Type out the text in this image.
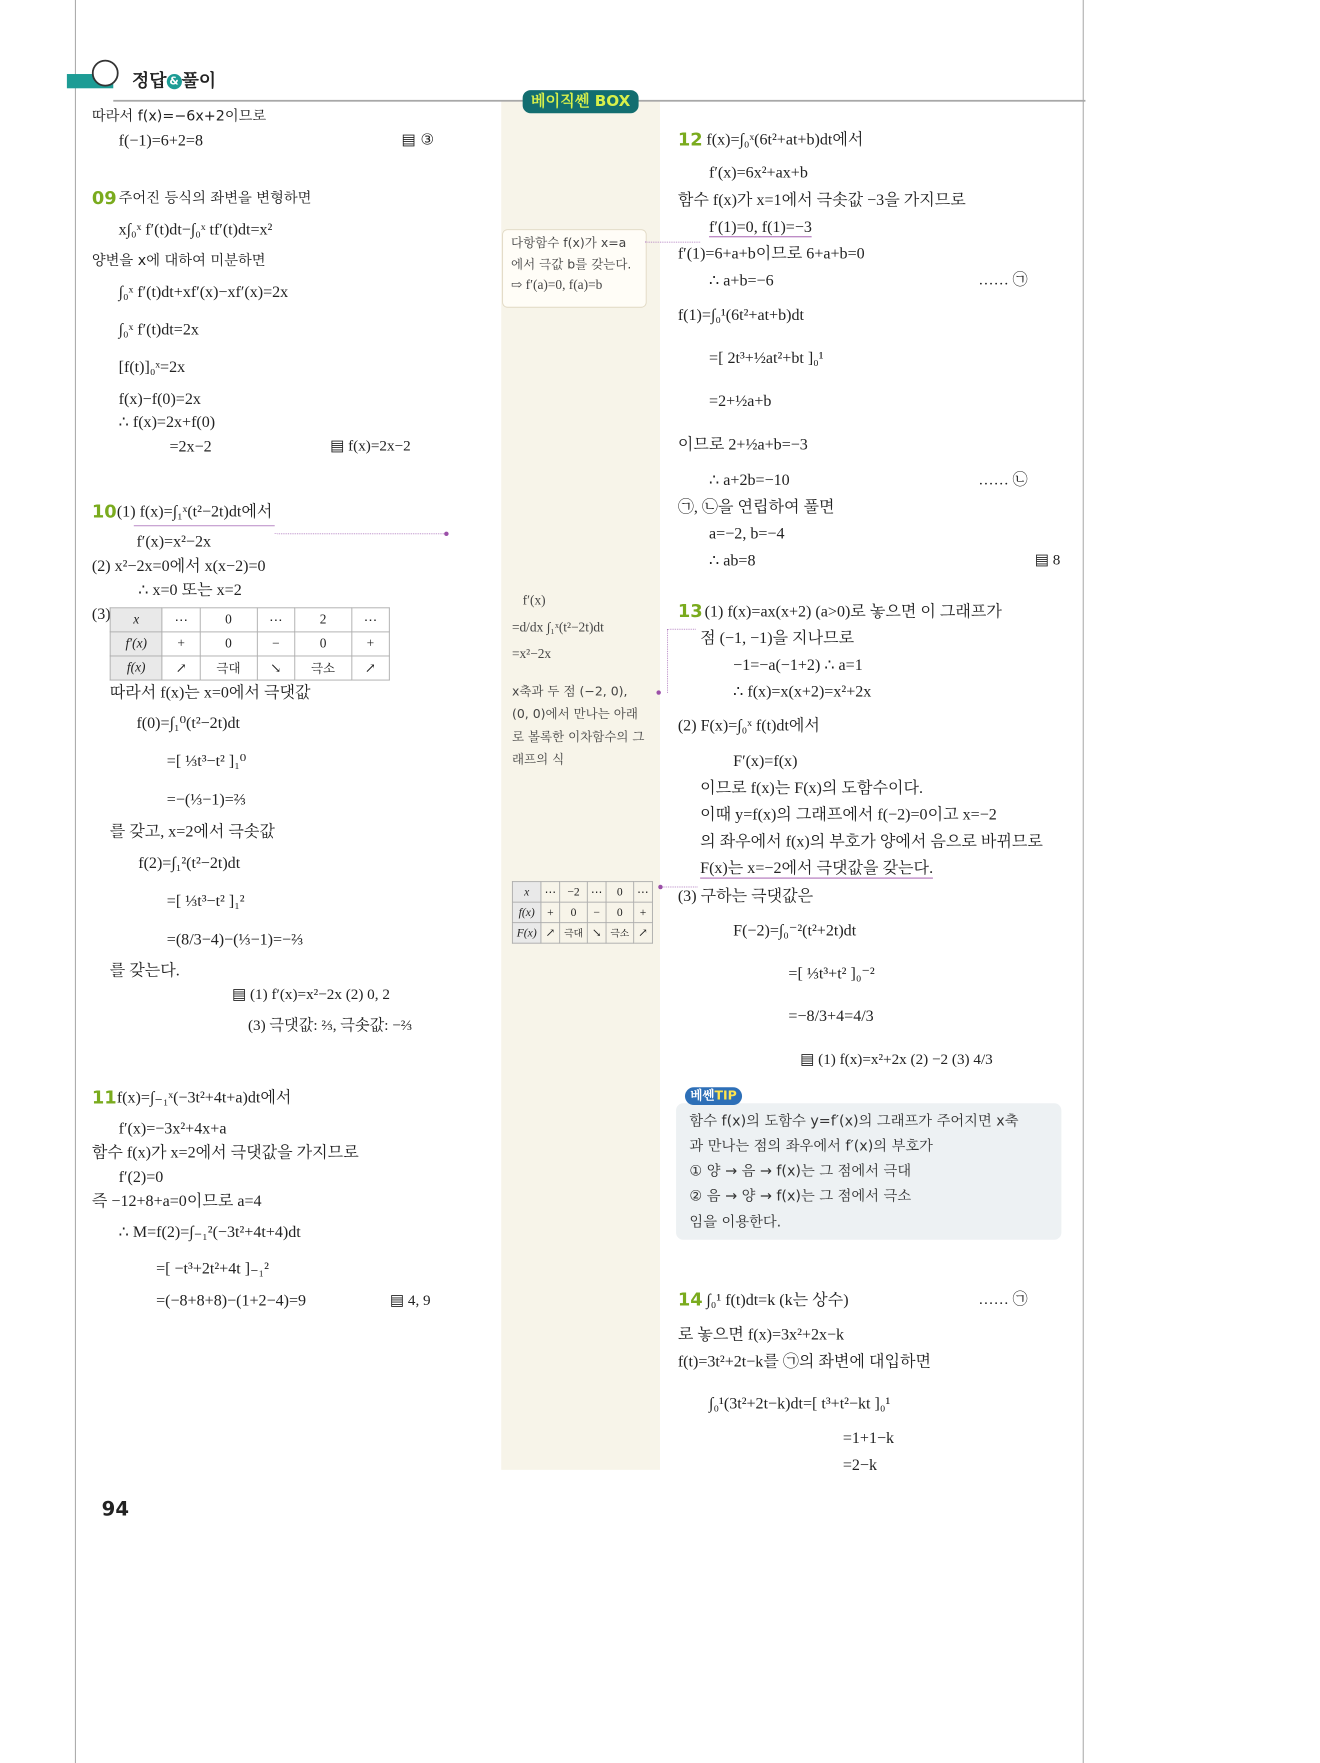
정답 & 풀이
베이직쎈 BOX
따라서 f(x)=−6x+2이므로
f(−1)=6+2=8	▤ ③
09 주어진 등식의 좌변을 변형하면
x∫₀ˣ f′(t)dt−∫₀ˣ tf′(t)dt=x²
양변을 x에 대하여 미분하면
∫₀ˣ f′(t)dt+xf′(x)−xf′(x)=2x
∫₀ˣ f′(t)dt=2x
[f(t)]₀ˣ=2x
f(x)−f(0)=2x
∴ f(x)=2x+f(0)
=2x−2	▤ f(x)=2x−2
10 (1) f(x)=∫₁ˣ(t²−2t)dt에서
f′(x)=x²−2x
(2) x²−2x=0에서 x(x−2)=0
∴ x=0 또는 x=2
(3) x	⋯	0	⋯	2	⋯
f′(x)	+	0	−	0	+
f(x)	↗	극대	↘	극소	↗
따라서 f(x)는 x=0에서 극댓값
f(0)=∫₁⁰(t²−2t)dt
=[ ⅓t³−t² ]₁⁰
=−(⅓−1)=⅔
를 갖고, x=2에서 극솟값
f(2)=∫₁²(t²−2t)dt
=[ ⅓t³−t² ]₁²
=(8/3−4)−(⅓−1)=−⅔
를 갖는다.
▤ (1) f′(x)=x²−2x (2) 0, 2
(3) 극댓값: ⅔, 극솟값: −⅔
11 f(x)=∫₋₁ˣ(−3t²+4t+a)dt에서
f′(x)=−3x²+4x+a
함수 f(x)가 x=2에서 극댓값을 가지므로
f′(2)=0
즉 −12+8+a=0이므로 a=4
∴ M=f(2)=∫₋₁²(−3t²+4t+4)dt
=[ −t³+2t²+4t ]₋₁²
=(−8+8+8)−(1+2−4)=9	▤ 4, 9
94
다항함수 f(x)가 x=a
에서 극값 b를 갖는다.
⇨ f′(a)=0, f(a)=b
f′(x)
=d/dx ∫₁ˣ(t²−2t)dt
=x²−2x
x축과 두 점 (−2, 0),
(0, 0)에서 만나는 아래
로 볼록한 이차함수의 그
래프의 식
x	⋯	−2	⋯	0	⋯
f(x)	+	0	−	0	+
F(x)	↗	극대	↘	극소	↗
12 f(x)=∫₀ˣ(6t²+at+b)dt에서
f′(x)=6x²+ax+b
함수 f(x)가 x=1에서 극솟값 −3을 가지므로
f′(1)=0, f(1)=−3
f′(1)=6+a+b이므로 6+a+b=0
∴ a+b=−6	…… ㉠
f(1)=∫₀¹(6t²+at+b)dt
=[ 2t³+½at²+bt ]₀¹
=2+½a+b
이므로 2+½a+b=−3
∴ a+2b=−10	…… ㉡
㉠, ㉡을 연립하여 풀면
a=−2, b=−4
∴ ab=8	▤ 8
13 (1) f(x)=ax(x+2) (a>0)로 놓으면 이 그래프가
점 (−1, −1)을 지나므로
−1=−a(−1+2) ∴ a=1
∴ f(x)=x(x+2)=x²+2x
(2) F(x)=∫₀ˣ f(t)dt에서
F′(x)=f(x)
이므로 f(x)는 F(x)의 도함수이다.
이때 y=f(x)의 그래프에서 f(−2)=0이고 x=−2
의 좌우에서 f(x)의 부호가 양에서 음으로 바뀌므로
F(x)는 x=−2에서 극댓값을 갖는다.
(3) 구하는 극댓값은
F(−2)=∫₀⁻²(t²+2t)dt
=[ ⅓t³+t² ]₀⁻²
=−8/3+4=4/3
▤ (1) f(x)=x²+2x (2) −2 (3) 4/3
베쎈TIP
함수 f(x)의 도함수 y=f′(x)의 그래프가 주어지면 x축
과 만나는 점의 좌우에서 f′(x)의 부호가
① 양 → 음 → f(x)는 그 점에서 극대
② 음 → 양 → f(x)는 그 점에서 극소
임을 이용한다.
14 ∫₀¹ f(t)dt=k (k는 상수)	…… ㉠
로 놓으면 f(x)=3x²+2x−k
f(t)=3t²+2t−k를 ㉠의 좌변에 대입하면
∫₀¹(3t²+2t−k)dt=[ t³+t²−kt ]₀¹
=1+1−k
=2−k
